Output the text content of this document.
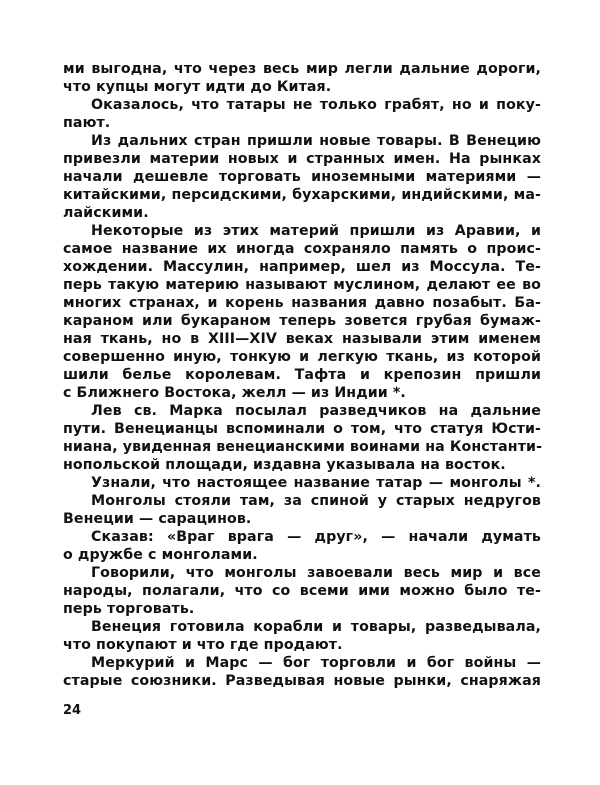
ми выгодна, что через весь мир легли дальние дороги,
что купцы могут идти до Китая.
Оказалось, что татары не только грабят, но и поку-
пают.
Из дальних стран пришли новые товары. В Венецию
привезли материи новых и странных имен. На рынках
начали дешевле торговать иноземными материями —
китайскими, персидскими, бухарскими, индийскими, ма-
лайскими.
Некоторые из этих материй пришли из Аравии, и
самое название их иногда сохраняло память о проис-
хождении. Массулин, например, шел из Моссула. Те-
перь такую материю называют муслином, делают ее во
многих странах, и корень названия давно позабыт. Ба-
караном или букараном теперь зовется грубая бумаж-
ная ткань, но в XIII—XIV веках называли этим именем
совершенно иную, тонкую и легкую ткань, из которой
шили белье королевам. Тафта и крепозин пришли
с Ближнего Востока, желл — из Индии *.
Лев св. Марка посылал разведчиков на дальние
пути. Венецианцы вспоминали о том, что статуя Юсти-
ниана, увиденная венецианскими воинами на Константи-
нопольской площади, издавна указывала на восток.
Узнали, что настоящее название татар — монголы *.
Монголы стояли там, за спиной у старых недругов
Венеции — сарацинов.
Сказав: «Враг врага — друг», — начали думать
о дружбе с монголами.
Говорили, что монголы завоевали весь мир и все
народы, полагали, что со всеми ими можно было те-
перь торговать.
Венеция готовила корабли и товары, разведывала,
что покупают и что где продают.
Меркурий и Марс — бог торговли и бог войны —
старые союзники. Разведывая новые рынки, снаряжая
24
